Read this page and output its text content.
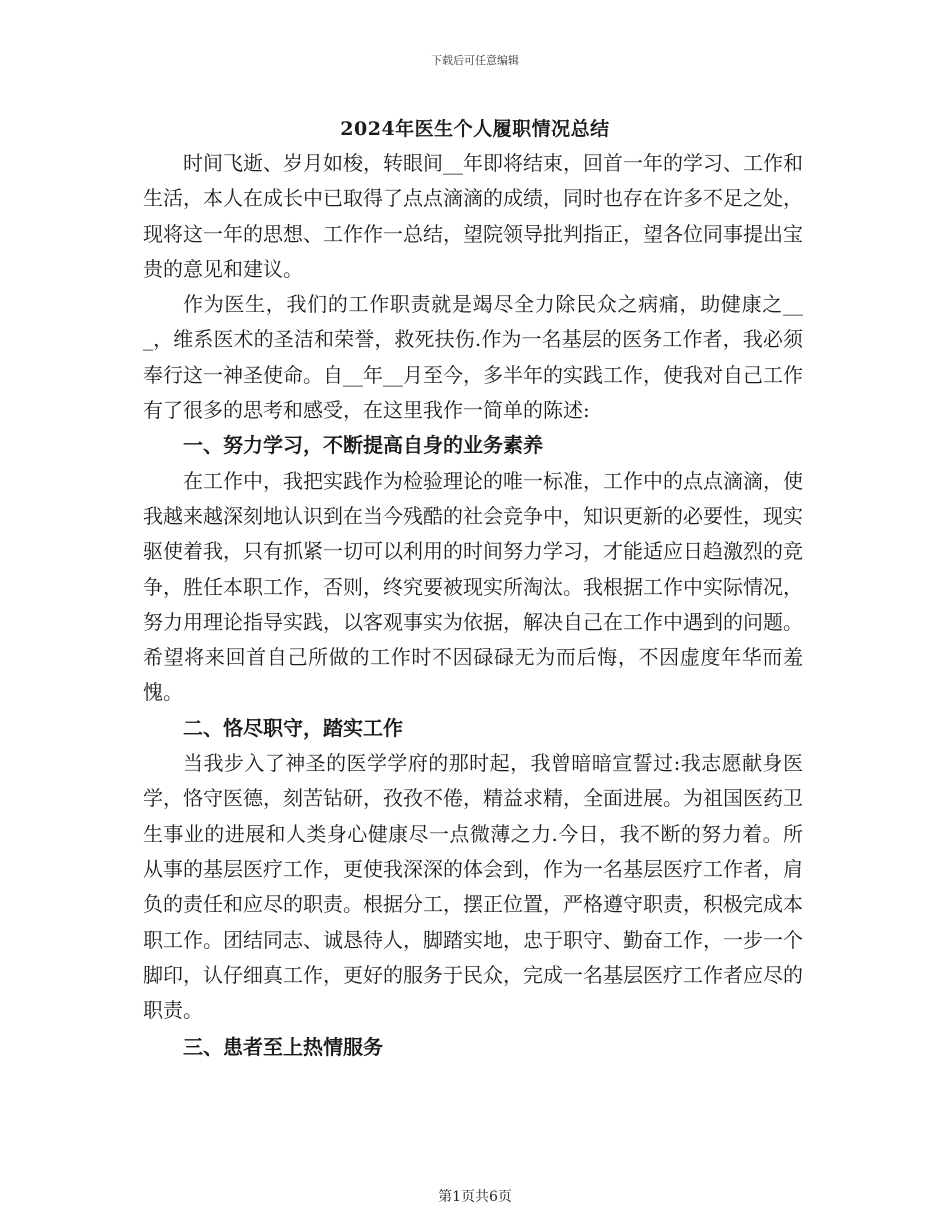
下载后可任意编辑
2024年医生个人履职情况总结

时间飞逝、岁月如梭，转眼间__年即将结束，回首一年的学习、工作和生活，本人在成长中已取得了点点滴滴的成绩，同时也存在许多不足之处，现将这一年的思想、工作作一总结，望院领导批判指正，望各位同事提出宝贵的意见和建议。

作为医生，我们的工作职责就是竭尽全力除民众之病痛，助健康之___，维系医术的圣洁和荣誉，救死扶伤.作为一名基层的医务工作者，我必须奉行这一神圣使命。自__年__月至今，多半年的实践工作，使我对自己工作有了很多的思考和感受，在这里我作一简单的陈述:

一、努力学习，不断提高自身的业务素养

在工作中，我把实践作为检验理论的唯一标准，工作中的点点滴滴，使我越来越深刻地认识到在当今残酷的社会竞争中，知识更新的必要性，现实驱使着我，只有抓紧一切可以利用的时间努力学习，才能适应日趋激烈的竞争，胜任本职工作，否则，终究要被现实所淘汰。我根据工作中实际情况，努力用理论指导实践，以客观事实为依据，解决自己在工作中遇到的问题。希望将来回首自己所做的工作时不因碌碌无为而后悔，不因虚度年华而羞愧。

二、恪尽职守，踏实工作

当我步入了神圣的医学学府的那时起，我曾暗暗宣誓过:我志愿献身医学，恪守医德，刻苦钻研，孜孜不倦，精益求精，全面进展。为祖国医药卫生事业的进展和人类身心健康尽一点微薄之力.今日，我不断的努力着。所从事的基层医疗工作，更使我深深的体会到，作为一名基层医疗工作者，肩负的责任和应尽的职责。根据分工，摆正位置，严格遵守职责，积极完成本职工作。团结同志、诚恳待人，脚踏实地，忠于职守、勤奋工作，一步一个脚印，认仔细真工作，更好的服务于民众，完成一名基层医疗工作者应尽的职责。

三、患者至上热情服务

第1页共6页
